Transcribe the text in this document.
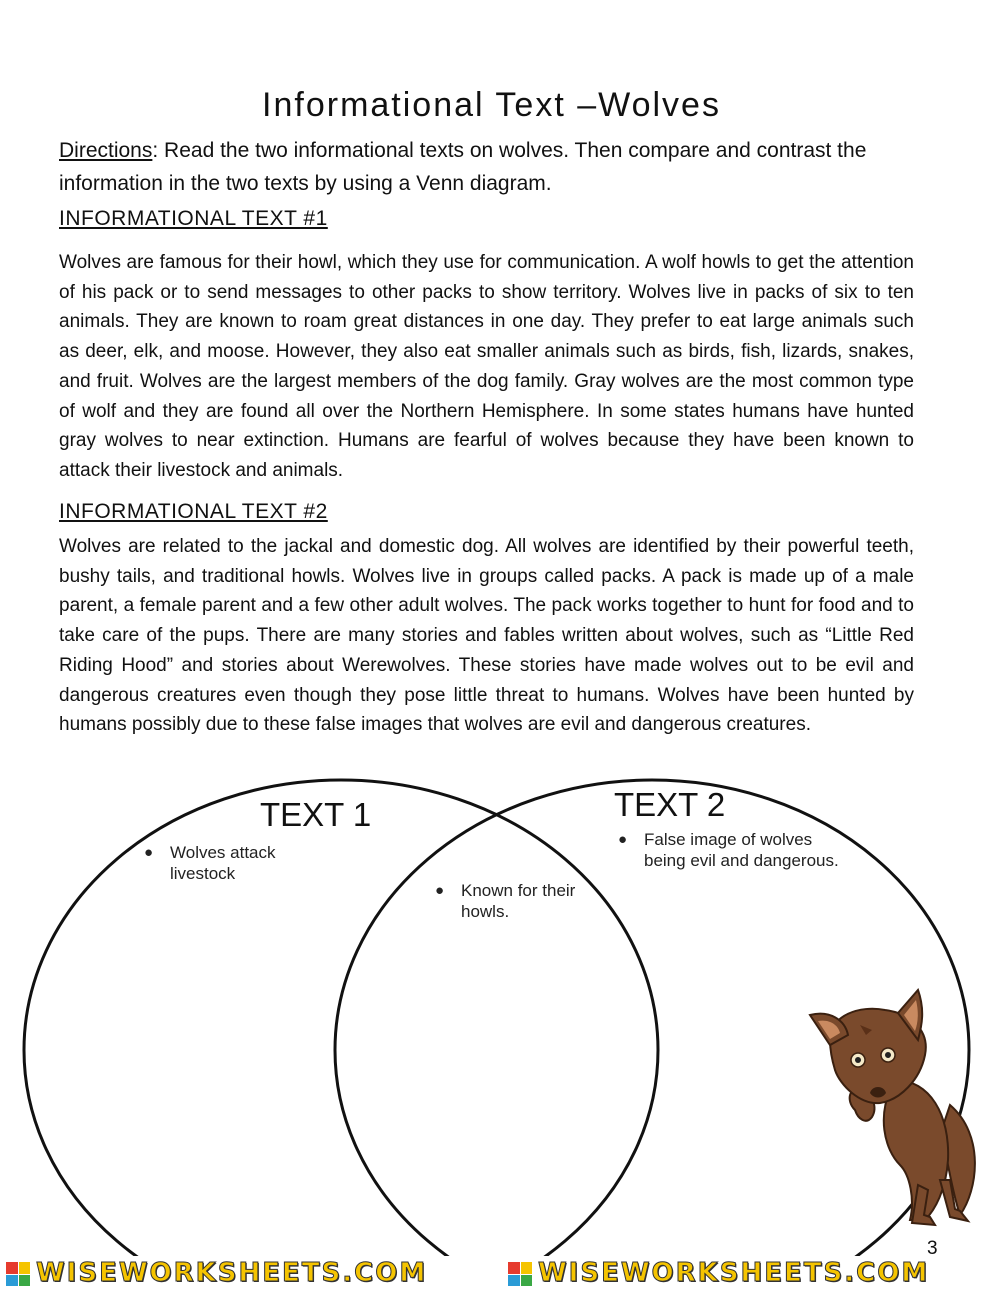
Informational Text –Wolves
Directions: Read the two informational texts on wolves. Then compare and contrast the information in the two texts by using a Venn diagram.
INFORMATIONAL TEXT #1
Wolves are famous for their howl, which they use for communication. A wolf howls to get the attention of his pack or to send messages to other packs to show territory. Wolves live in packs of six to ten animals. They are known to roam great distances in one day. They prefer to eat large animals such as deer, elk, and moose. However, they also eat smaller animals such as birds, fish, lizards, snakes, and fruit. Wolves are the largest members of the dog family. Gray wolves are the most common type of wolf and they are found all over the Northern Hemisphere. In some states humans have hunted gray wolves to near extinction. Humans are fearful of wolves because they have been known to attack their livestock and animals.
INFORMATIONAL TEXT #2
Wolves are related to the jackal and domestic dog. All wolves are identified by their powerful teeth, bushy tails, and traditional howls. Wolves live in groups called packs. A pack is made up of a male parent, a female parent and a few other adult wolves. The pack works together to hunt for food and to take care of the pups. There are many stories and fables written about wolves, such as “Little Red Riding Hood” and stories about Werewolves. These stories have made wolves out to be evil and dangerous creatures even though they pose little threat to humans. Wolves have been hunted by humans possibly due to these false images that wolves are evil and dangerous creatures.
TEXT 1	TEXT 2
● Wolves attack livestock
● Known for their howls.
● False image of wolves being evil and dangerous.
3
WISEWORKSHEETS.COM	WISEWORKSHEETS.COM
